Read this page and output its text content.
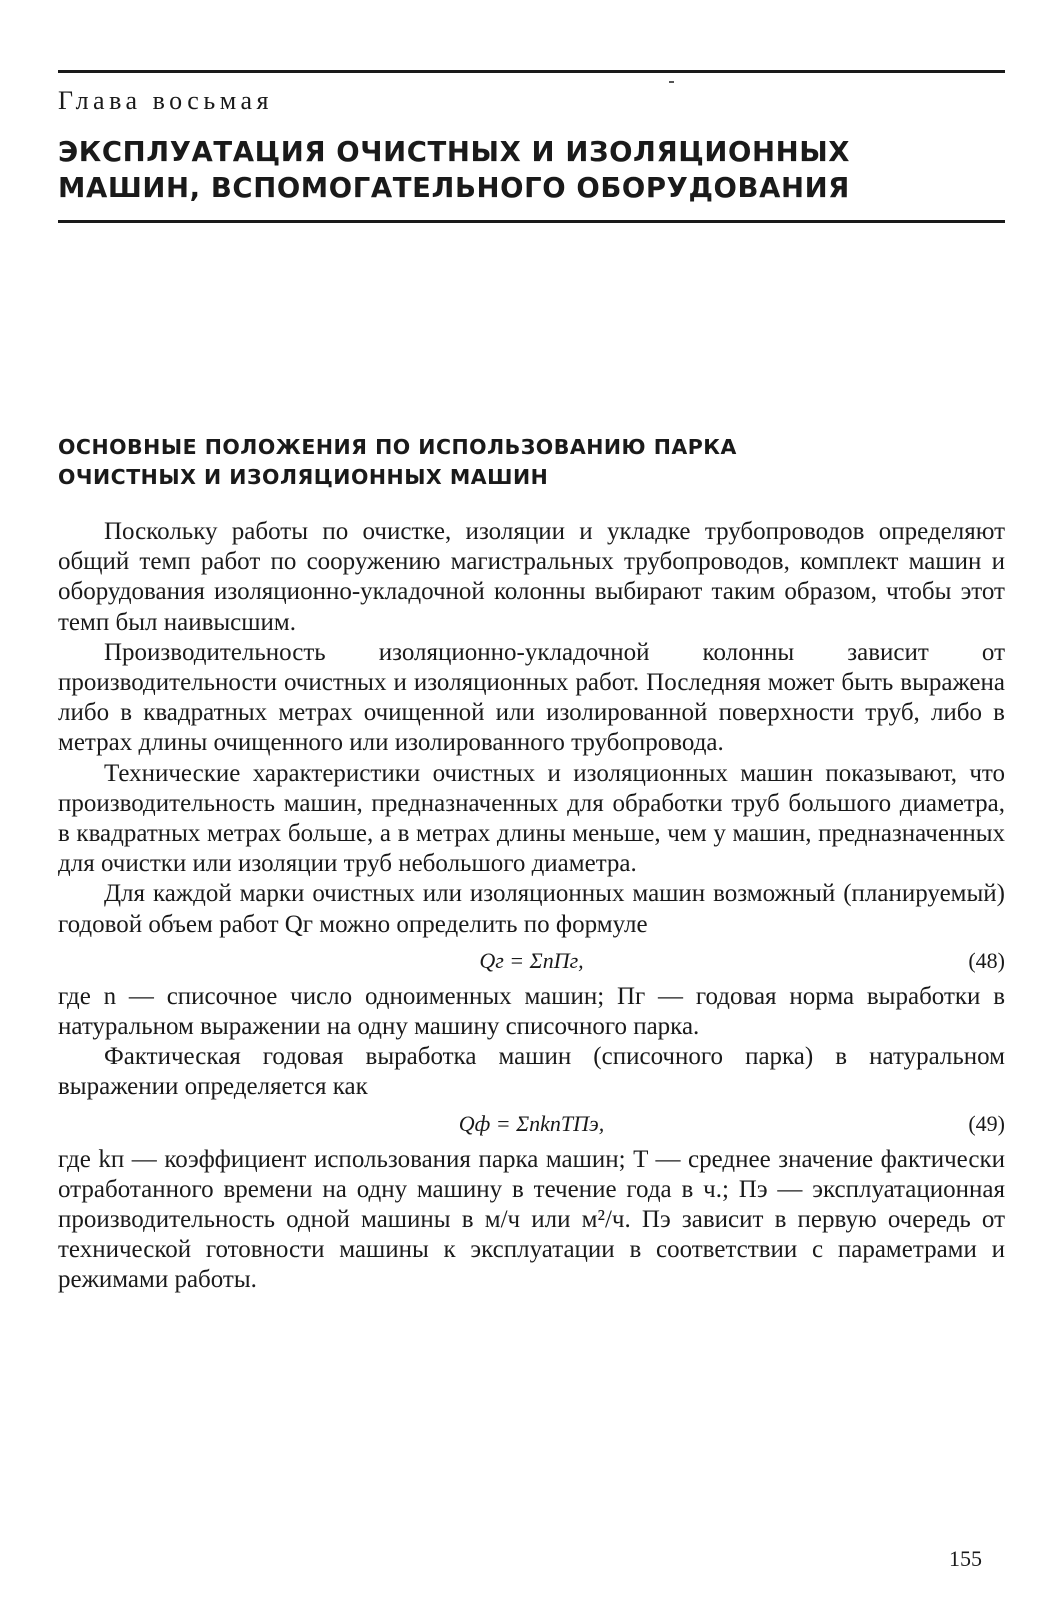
Глава восьмая
ЭКСПЛУАТАЦИЯ ОЧИСТНЫХ И ИЗОЛЯЦИОННЫХ
МАШИН, ВСПОМОГАТЕЛЬНОГО ОБОРУДОВАНИЯ
ОСНОВНЫЕ ПОЛОЖЕНИЯ ПО ИСПОЛЬЗОВАНИЮ ПАРКА
ОЧИСТНЫХ И ИЗОЛЯЦИОННЫХ МАШИН

Поскольку работы по очистке, изоляции и укладке трубопроводов определяют общий темп работ по сооружению магистральных трубопроводов, комплект машин и оборудования изоляционно-укладочной колонны выбирают таким образом, чтобы этот темп был наивысшим.

Производительность изоляционно-укладочной колонны зависит от производительности очистных и изоляционных работ. Последняя может быть выражена либо в квадратных метрах очищенной или изолированной поверхности труб, либо в метрах длины очищенного или изолированного трубопровода.

Технические характеристики очистных и изоляционных машин показывают, что производительность машин, предназначенных для обработки труб большого диаметра, в квадратных метрах больше, а в метрах длины меньше, чем у машин, предназначенных для очистки или изоляции труб небольшого диаметра.

Для каждой марки очистных или изоляционных машин возможный (планируемый) годовой объем работ Qг можно определить по формуле

Qг = ΣnПг,	(48)

где n — списочное число одноименных машин; Пг — годовая норма выработки в натуральном выражении на одну машину списочного парка.

Фактическая годовая выработка машин (списочного парка) в натуральном выражении определяется как

Qф = ΣnkпTПэ,	(49)

где kп — коэффициент использования парка машин; T — среднее значение фактически отработанного времени на одну машину в течение года в ч.; Пэ — эксплуатационная производительность одной машины в м/ч или м²/ч. Пэ зависит в первую очередь от технической готовности машины к эксплуатации в соответствии с параметрами и режимами работы.

155
